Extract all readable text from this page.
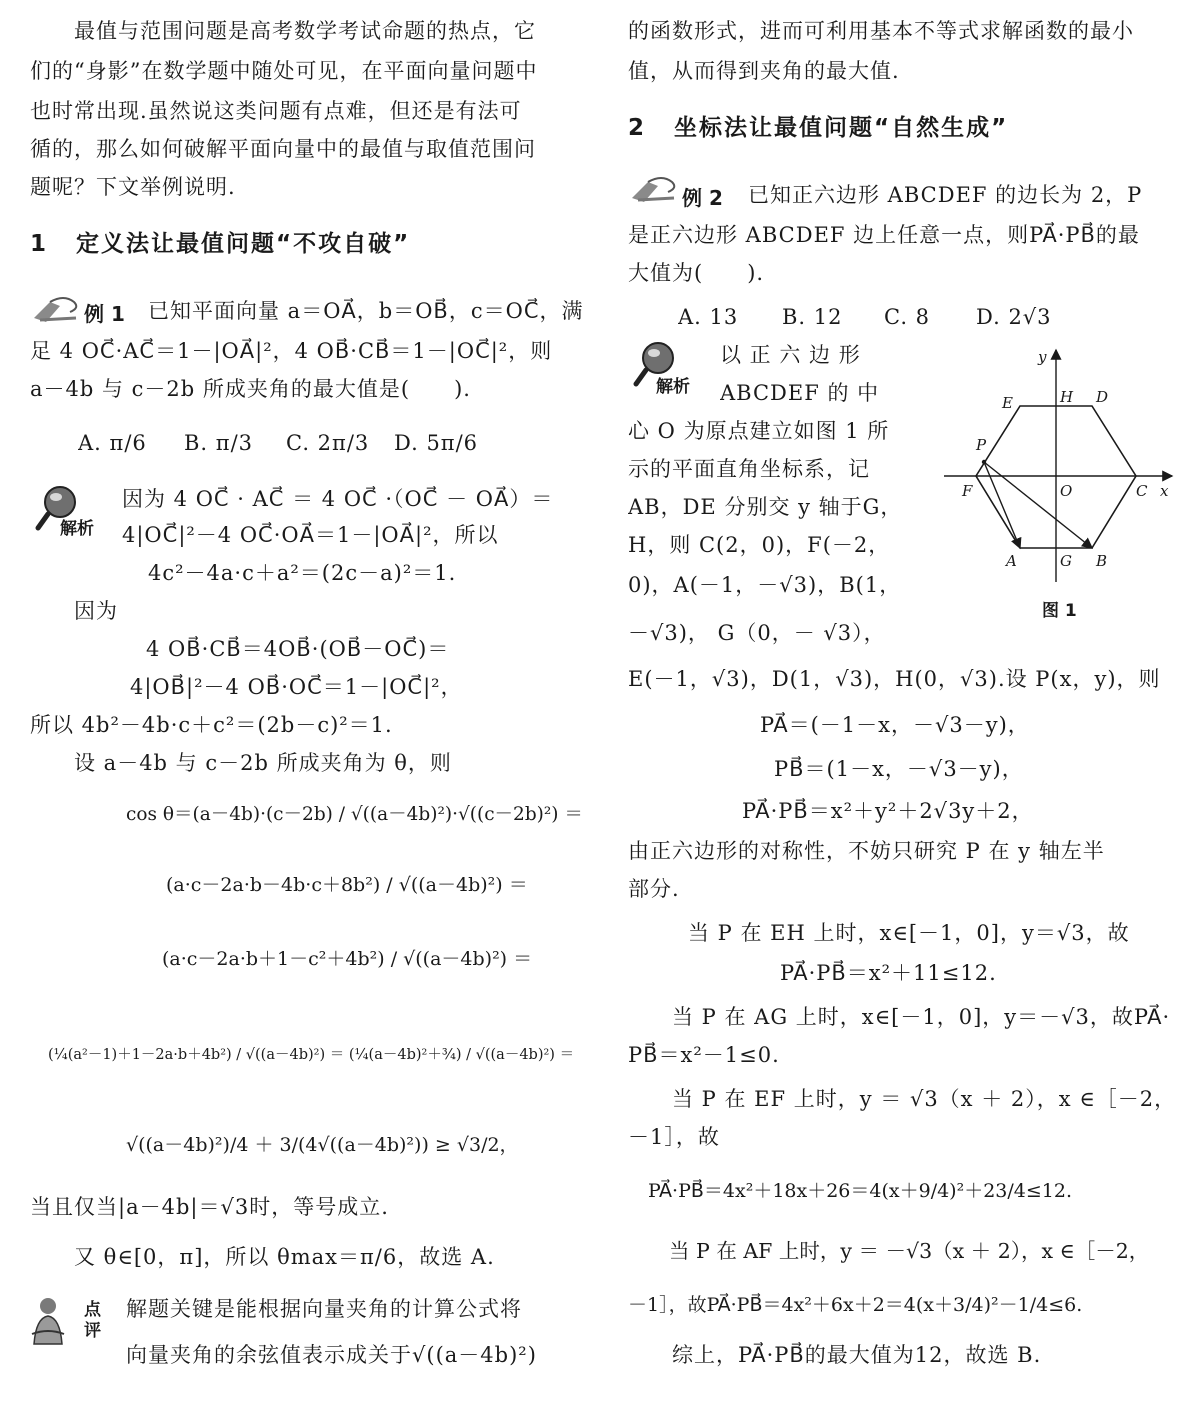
　　最值与范围问题是高考数学考试命题的热点，它
们的“身影”在数学题中随处可见，在平面向量问题中
也时常出现.虽然说这类问题有点难，但还是有法可
循的，那么如何破解平面向量中的最值与取值范围问
题呢？下文举例说明.
1 定义法让最值问题“不攻自破”
例 1 已知平面向量 a＝OA⃗，b＝OB⃗，c＝OC⃗，满
足 4 OC⃗·AC⃗＝1－|OA⃗|²，4 OB⃗·CB⃗＝1－|OC⃗|²，则
a－4b 与 c－2b 所成夹角的最大值是(　　).
A. π/6 B. π/3 C. 2π/3 D. 5π/6
解析
因为 4 OC⃗ · AC⃗ ＝ 4 OC⃗ ·（OC⃗ － OA⃗）＝
4|OC⃗|²－4 OC⃗·OA⃗＝1－|OA⃗|²，所以
4c²－4a·c＋a²＝(2c－a)²＝1.
　　因为
4 OB⃗·CB⃗＝4OB⃗·(OB⃗－OC⃗)＝
4|OB⃗|²－4 OB⃗·OC⃗＝1－|OC⃗|²，
所以 4b²－4b·c＋c²＝(2b－c)²＝1.
　　设 a－4b 与 c－2b 所成夹角为 θ，则
cos θ＝(a－4b)·(c－2b) / √((a－4b)²)·√((c－2b)²) ＝
(a·c－2a·b－4b·c＋8b²) / √((a－4b)²) ＝
(a·c－2a·b＋1－c²＋4b²) / √((a－4b)²) ＝
(¼(a²－1)＋1－2a·b＋4b²) / √((a－4b)²) ＝ (¼(a－4b)²＋¾) / √((a－4b)²) ＝
√((a－4b)²)/4 ＋ 3/(4√((a－4b)²)) ≥ √3/2，
当且仅当|a－4b|＝√3时，等号成立.
　　又 θ∈[0，π]，所以 θmax＝π/6，故选 A.
点评 解题关键是能根据向量夹角的计算公式将
向量夹角的余弦值表示成关于√((a－4b)²)
的函数形式，进而可利用基本不等式求解函数的最小
值，从而得到夹角的最大值.
2 坐标法让最值问题“自然生成”
例 2 已知正六边形 ABCDEF 的边长为 2，P
是正六边形 ABCDEF 边上任意一点，则PA⃗·PB⃗的最
大值为(　　).
A. 13 B. 12 C. 8 D. 2√3
解析
以 正 六 边 形
ABCDEF 的 中
心 O 为原点建立如图 1 所
示的平面直角坐标系，记
AB，DE 分别交 y 轴于G，
H，则 C(2，0)，F(－2，
0)，A(－1，－√3)，B(1，
－√3)， G（0，－ √3），
y
x
O
E	H D
P
F	C
A	G B
图 1
E(－1，√3)，D(1，√3)，H(0，√3).设 P(x，y)，则
PA⃗＝(－1－x，－√3－y)，
PB⃗＝(1－x，－√3－y)，
PA⃗·PB⃗＝x²＋y²＋2√3y＋2，
由正六边形的对称性，不妨只研究 P 在 y 轴左半
部分.
　　当 P 在 EH 上时，x∈[－1，0]，y＝√3，故
PA⃗·PB⃗＝x²＋11≤12.
　　当 P 在 AG 上时，x∈[－1，0]，y＝－√3，故PA⃗·
PB⃗＝x²－1≤0.
　　当 P 在 EF 上时，y ＝ √3（x ＋ 2），x ∈［－2，
－1］，故
PA⃗·PB⃗＝4x²＋18x＋26＝4(x＋9/4)²＋23/4≤12.
　　当 P 在 AF 上时，y ＝ －√3（x ＋ 2），x ∈［－2，
－1］，故PA⃗·PB⃗＝4x²＋6x＋2＝4(x＋3/4)²－1/4≤6.
　　综上，PA⃗·PB⃗的最大值为12，故选 B.
